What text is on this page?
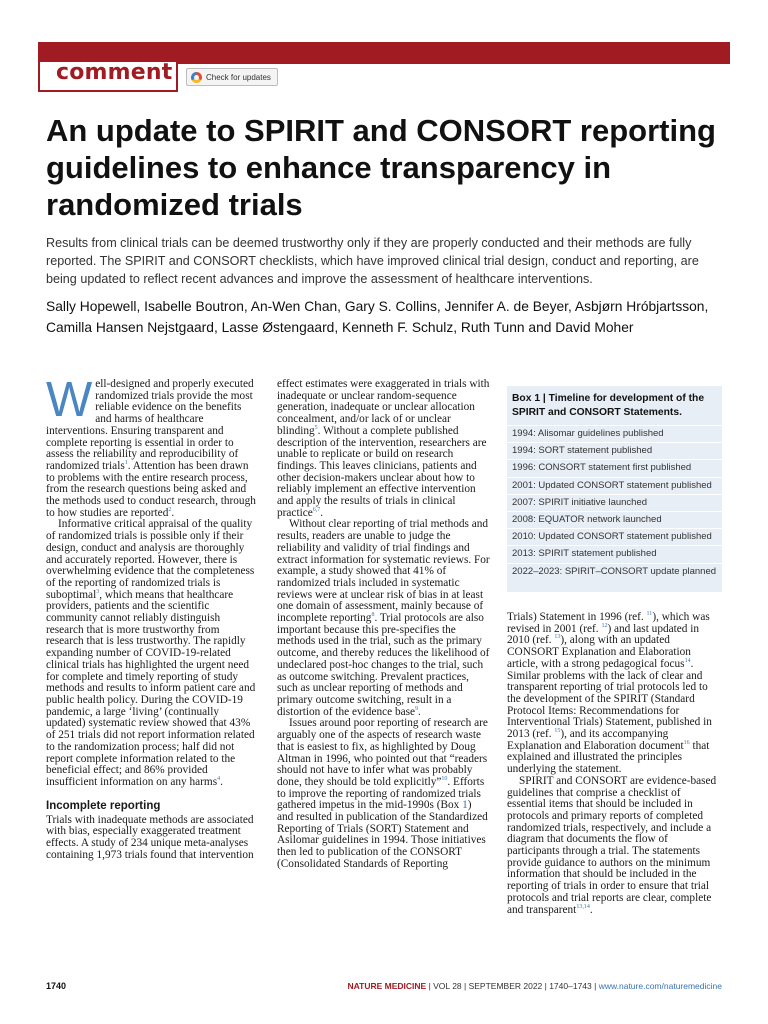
comment	Check for updates
An update to SPIRIT and CONSORT reporting guidelines to enhance transparency in randomized trials

Results from clinical trials can be deemed trustworthy only if they are properly conducted and their methods are fully reported. The SPIRIT and CONSORT checklists, which have improved clinical trial design, conduct and reporting, are being updated to reflect recent advances and improve the assessment of healthcare interventions.

Sally Hopewell, Isabelle Boutron, An-Wen Chan, Gary S. Collins, Jennifer A. de Beyer, Asbjørn Hróbjartsson, Camilla Hansen Nejstgaard, Lasse Østengaard, Kenneth F. Schulz, Ruth Tunn and David Moher

Well-designed and properly executed randomized trials provide the most reliable evidence on the benefits and harms of healthcare interventions. Ensuring transparent and complete reporting is essential in order to assess the reliability and reproducibility of randomized trials$^1$. Attention has been drawn to problems with the entire research process, from the research questions being asked and the methods used to conduct research, through to how studies are reported$^2$.

Informative critical appraisal of the quality of randomized trials is possible only if their design, conduct and analysis are thoroughly and accurately reported. However, there is overwhelming evidence that the completeness of the reporting of randomized trials is suboptimal$^3$, which means that healthcare providers, patients and the scientific community cannot reliably distinguish research that is more trustworthy from research that is less trustworthy. The rapidly expanding number of COVID-19-related clinical trials has highlighted the urgent need for complete and timely reporting of study methods and results to inform patient care and public health policy. During the COVID-19 pandemic, a large ‘living’ (continually updated) systematic review showed that 43% of 251 trials did not report information related to the randomization process; half did not report complete information related to the beneficial effect; and 86% provided insufficient information on any harms$^4$.

Incomplete reporting

Trials with inadequate methods are associated with bias, especially exaggerated treatment effects. A study of 234 unique meta-analyses containing 1,973 trials found that intervention

effect estimates were exaggerated in trials with inadequate or unclear random-sequence generation, inadequate or unclear allocation concealment, and/or lack of or unclear blinding$^5$. Without a complete published description of the intervention, researchers are unable to replicate or build on research findings. This leaves clinicians, patients and other decision-makers unclear about how to reliably implement an effective intervention and apply the results of trials in clinical practice$^{6,7}$.

Without clear reporting of trial methods and results, readers are unable to judge the reliability and validity of trial findings and extract information for systematic reviews. For example, a study showed that 41% of randomized trials included in systematic reviews were at unclear risk of bias in at least one domain of assessment, mainly because of incomplete reporting$^8$. Trial protocols are also important because this pre-specifies the methods used in the trial, such as the primary outcome, and thereby reduces the likelihood of undeclared post-hoc changes to the trial, such as outcome switching. Prevalent practices, such as unclear reporting of methods and primary outcome switching, result in a distortion of the evidence base$^9$.

Issues around poor reporting of research are arguably one of the aspects of research waste that is easiest to fix, as highlighted by Doug Altman in 1996, who pointed out that “readers should not have to infer what was probably done, they should be told explicitly”$^{10}$. Efforts to improve the reporting of randomized trials gathered impetus in the mid-1990s (Box 1) and resulted in publication of the Standardized Reporting of Trials (SORT) Statement and Asilomar guidelines in 1994. Those initiatives then led to publication of the CONSORT (Consolidated Standards of Reporting

Box 1 | Timeline for development of the SPIRIT and CONSORT Statements.
1994: Alisomar guidelines published
1994: SORT statement published
1996: CONSORT statement first published
2001: Updated CONSORT statement published
2007: SPIRIT initiative launched
2008: EQUATOR network launched
2010: Updated CONSORT statement published
2013: SPIRIT statement published
2022–2023: SPIRIT–CONSORT update planned

Trials) Statement in 1996 (ref. $^{11}$), which was revised in 2001 (ref. $^{12}$) and last updated in 2010 (ref. $^{13}$), along with an updated CONSORT Explanation and Elaboration article, with a strong pedagogical focus$^{14}$. Similar problems with the lack of clear and transparent reporting of trial protocols led to the development of the SPIRIT (Standard Protocol Items: Recommendations for Interventional Trials) Statement, published in 2013 (ref. $^{15}$), and its accompanying Explanation and Elaboration document$^{16}$ that explained and illustrated the principles underlying the statement.

SPIRIT and CONSORT are evidence-based guidelines that comprise a checklist of essential items that should be included in protocols and primary reports of completed randomized trials, respectively, and include a diagram that documents the flow of participants through a trial. The statements provide guidance to authors on the minimum information that should be included in the reporting of trials in order to ensure that trial protocols and trial reports are clear, complete and transparent$^{13,14}$.

1740	NATURE MEDICINE | VOL 28 | SEPTEMBER 2022 | 1740–1743 | www.nature.com/naturemedicine
